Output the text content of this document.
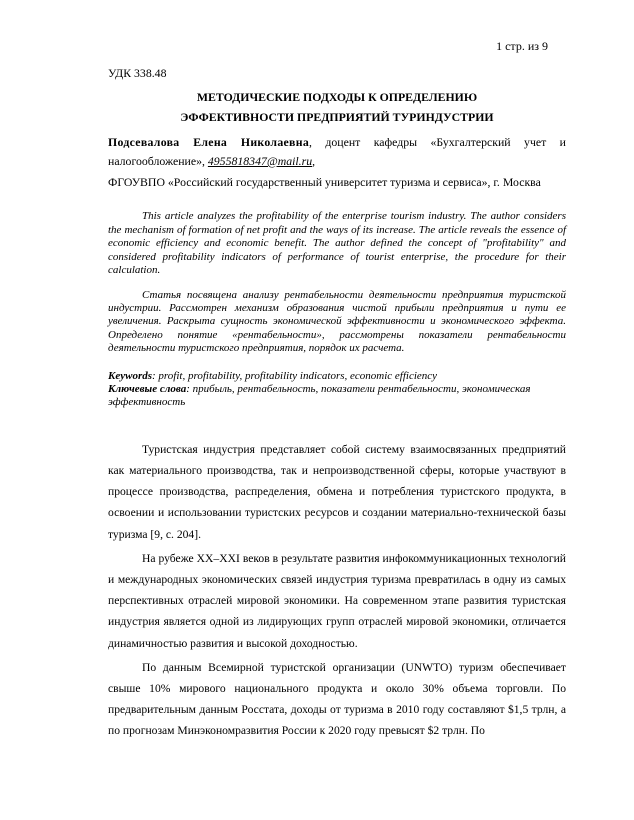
1 стр. из 9

УДК 338.48

МЕТОДИЧЕСКИЕ ПОДХОДЫ К ОПРЕДЕЛЕНИЮ

ЭФФЕКТИВНОСТИ ПРЕДПРИЯТИЙ ТУРИНДУСТРИИ

Подсевалова Елена Николаевна, доцент кафедры «Бухгалтерский учет и

налогообложение», 4955818347@mail.ru,

ФГОУВПО «Российский государственный университет туризма и сервиса», г. Москва

This article analyzes the profitability of the enterprise tourism industry. The author considers the mechanism of formation of net profit and the ways of its increase. The article reveals the essence of economic efficiency and economic benefit. The author defined the concept of "profitability" and considered profitability indicators of performance of tourist enterprise, the procedure for their calculation.

Статья посвящена анализу рентабельности деятельности предприятия туристской индустрии. Рассмотрен механизм образования чистой прибыли предприятия и пути ее увеличения. Раскрыта сущность экономической эффективности и экономического эффекта. Определено понятие «рентабельности», рассмотрены показатели рентабельности деятельности туристского предприятия, порядок их расчета.

Keywords: profit, profitability, profitability indicators, economic efficiency

Ключевые слова: прибыль, рентабельность, показатели рентабельности, экономическая эффективность

Туристская индустрия представляет собой систему взаимосвязанных предприятий как материального производства, так и непроизводственной сферы, которые участвуют в процессе производства, распределения, обмена и потребления туристского продукта, в освоении и использовании туристских ресурсов и создании материально-технической базы туризма [9, с. 204].

На рубеже XX–XXI веков в результате развития инфокоммуникационных технологий и международных экономических связей индустрия туризма превратилась в одну из самых перспективных отраслей мировой экономики. На современном этапе развития туристская индустрия является одной из лидирующих групп отраслей мировой экономики, отличается динамичностью развития и высокой доходностью.

По данным Всемирной туристской организации (UNWTO) туризм обеспечивает свыше 10% мирового национального продукта и около 30% объема торговли. По предварительным данным Росстата, доходы от туризма в 2010 году составляют $1,5 трлн, а по прогнозам Минэкономразвития России к 2020 году превысят $2 трлн. По
